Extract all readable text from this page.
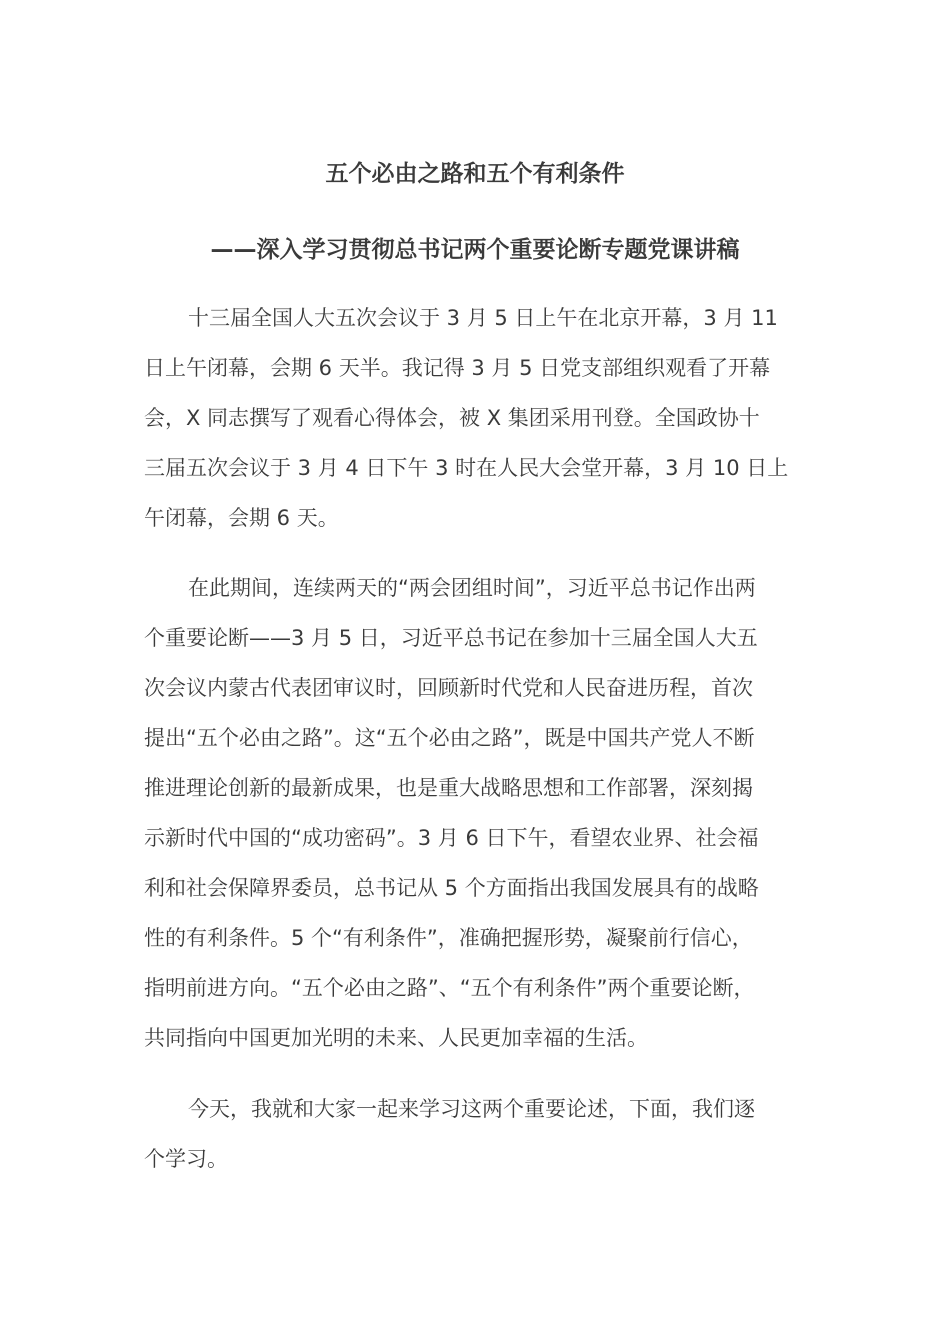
五个必由之路和五个有利条件
——深入学习贯彻总书记两个重要论断专题党课讲稿

十三届全国人大五次会议于 3 月 5 日上午在北京开幕，3 月 11
日上午闭幕，会期 6 天半。我记得 3 月 5 日党支部组织观看了开幕
会，X 同志撰写了观看心得体会，被 X 集团采用刊登。全国政协十
三届五次会议于 3 月 4 日下午 3 时在人民大会堂开幕，3 月 10 日上
午闭幕，会期 6 天。

在此期间，连续两天的“两会团组时间”，习近平总书记作出两
个重要论断——3 月 5 日，习近平总书记在参加十三届全国人大五
次会议内蒙古代表团审议时，回顾新时代党和人民奋进历程，首次
提出“五个必由之路”。这“五个必由之路”，既是中国共产党人不断
推进理论创新的最新成果，也是重大战略思想和工作部署，深刻揭
示新时代中国的“成功密码”。3 月 6 日下午，看望农业界、社会福
利和社会保障界委员，总书记从 5 个方面指出我国发展具有的战略
性的有利条件。5 个“有利条件”，准确把握形势，凝聚前行信心，
指明前进方向。“五个必由之路”、“五个有利条件”两个重要论断，
共同指向中国更加光明的未来、人民更加幸福的生活。

今天，我就和大家一起来学习这两个重要论述，下面，我们逐
个学习。
